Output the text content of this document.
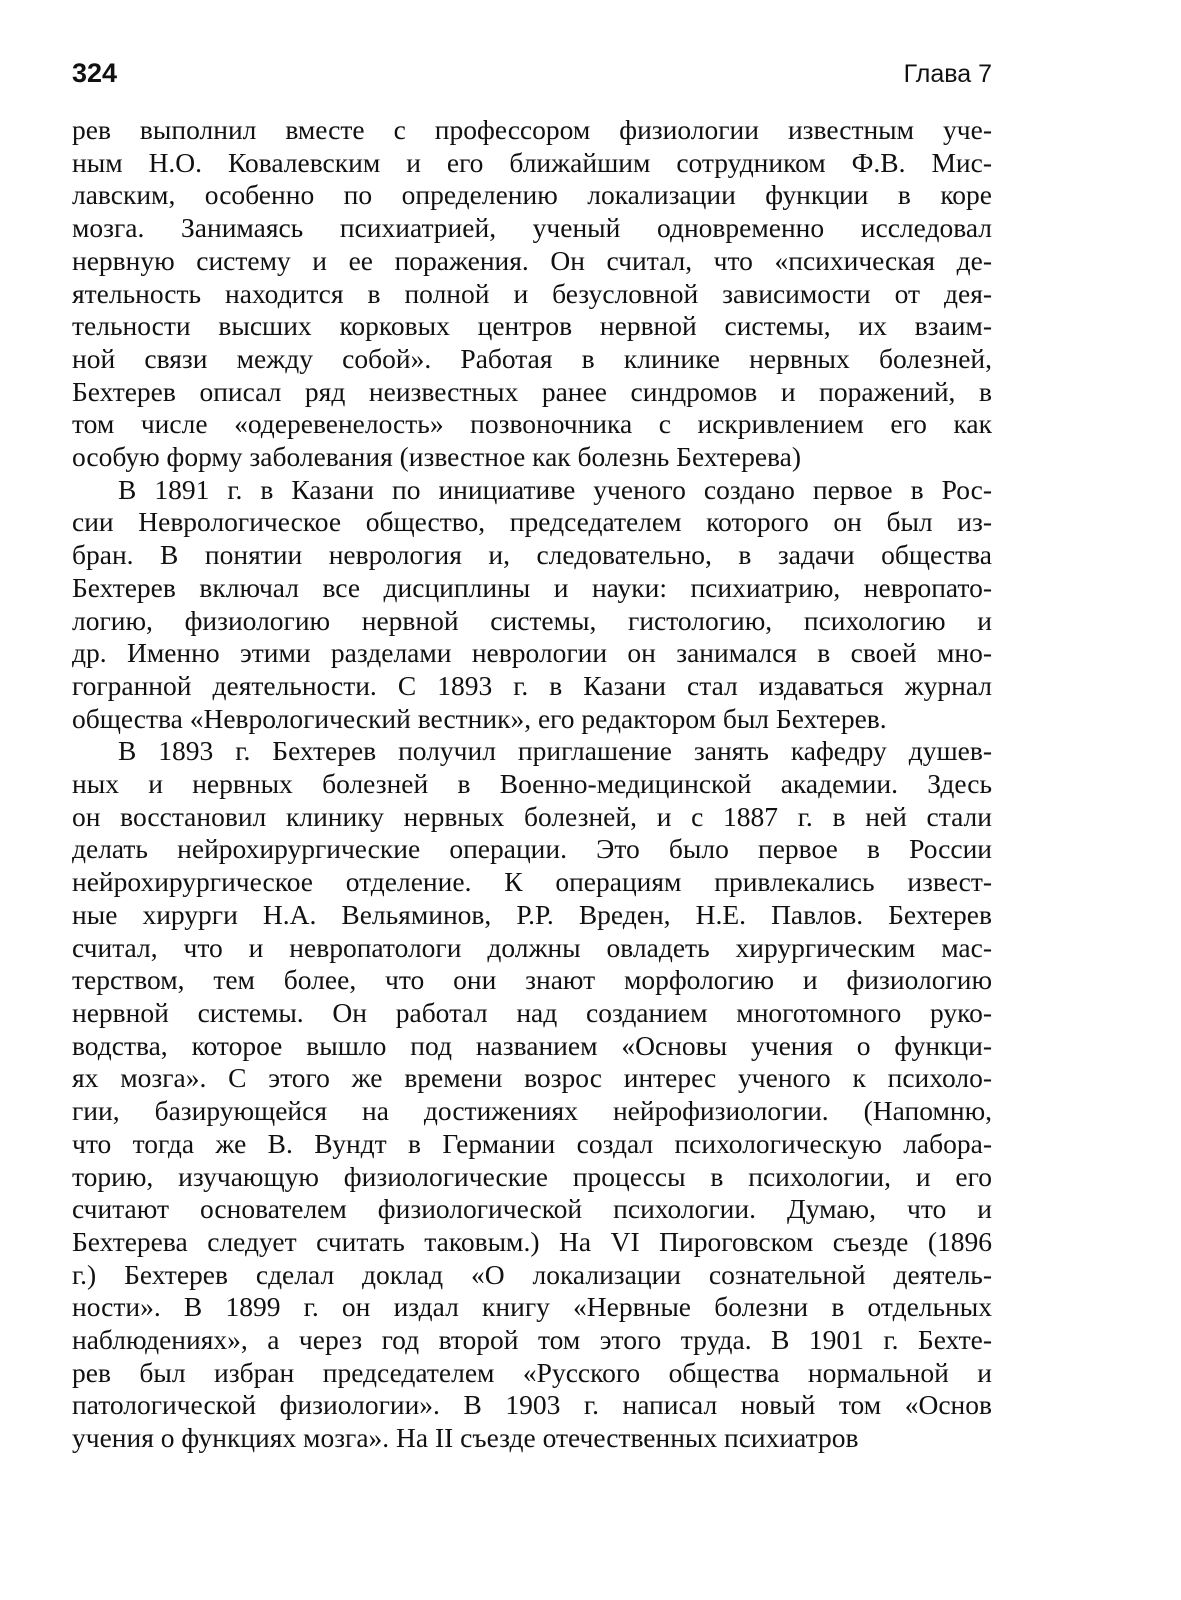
324	Глава 7

рев выполнил вместе с профессором физиологии известным уче-
ным Н.О. Ковалевским и его ближайшим сотрудником Ф.В. Мис-
лавским, особенно по определению локализации функции в коре
мозга. Занимаясь психиатрией, ученый одновременно исследовал
нервную систему и ее поражения. Он считал, что «психическая де-
ятельность находится в полной и безусловной зависимости от дея-
тельности высших корковых центров нервной системы, их взаим-
ной связи между собой». Работая в клинике нервных болезней,
Бехтерев описал ряд неизвестных ранее синдромов и поражений, в
том числе «одеревенелость» позвоночника с искривлением его как
особую форму заболевания (известное как болезнь Бехтерева)

В 1891 г. в Казани по инициативе ученого создано первое в Рос-
сии Неврологическое общество, председателем которого он был из-
бран. В понятии неврология и, следовательно, в задачи общества
Бехтерев включал все дисциплины и науки: психиатрию, невропато-
логию, физиологию нервной системы, гистологию, психологию и
др. Именно этими разделами неврологии он занимался в своей мно-
гогранной деятельности. С 1893 г. в Казани стал издаваться журнал
общества «Неврологический вестник», его редактором был Бехтерев.

В 1893 г. Бехтерев получил приглашение занять кафедру душев-
ных и нервных болезней в Военно-медицинской академии. Здесь
он восстановил клинику нервных болезней, и с 1887 г. в ней стали
делать нейрохирургические операции. Это было первое в России
нейрохирургическое отделение. К операциям привлекались извест-
ные хирурги Н.А. Вельяминов, Р.Р. Вреден, Н.Е. Павлов. Бехтерев
считал, что и невропатологи должны овладеть хирургическим мас-
терством, тем более, что они знают морфологию и физиологию
нервной системы. Он работал над созданием многотомного руко-
водства, которое вышло под названием «Основы учения о функци-
ях мозга». С этого же времени возрос интерес ученого к психоло-
гии, базирующейся на достижениях нейрофизиологии. (Напомню,
что тогда же В. Вундт в Германии создал психологическую лабора-
торию, изучающую физиологические процессы в психологии, и его
считают основателем физиологической психологии. Думаю, что и
Бехтерева следует считать таковым.) На VI Пироговском съезде (1896
г.) Бехтерев сделал доклад «О локализации сознательной деятель-
ности». В 1899 г. он издал книгу «Нервные болезни в отдельных
наблюдениях», а через год второй том этого труда. В 1901 г. Бехте-
рев был избран председателем «Русского общества нормальной и
патологической физиологии». В 1903 г. написал новый том «Основ
учения о функциях мозга». На II съезде отечественных психиатров
